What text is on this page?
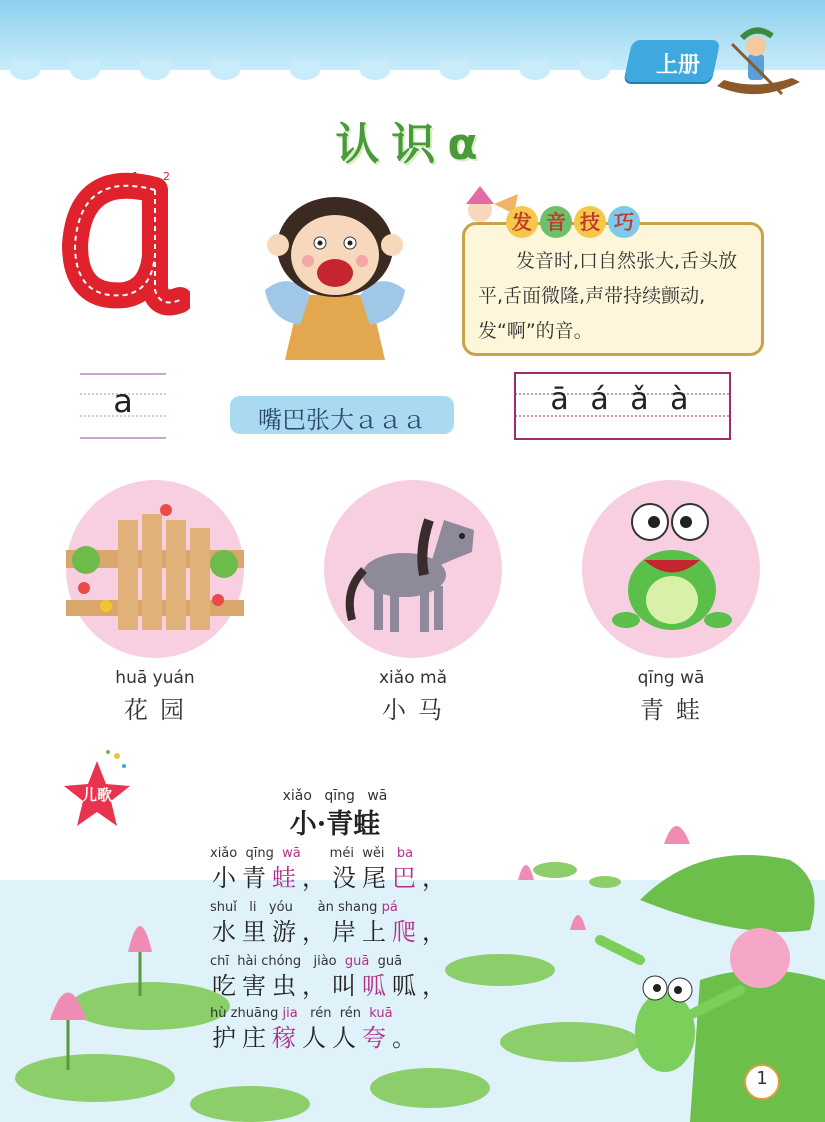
上册
认识α
1 2
发 音 技 巧
发音时,口自然张大,舌头放平,舌面微隆,声带持续颤动,发“啊”的音。
a	嘴巴张大ａａａ
ā á ǎ à
huā yuán
花园
xiǎo mǎ
小马
qīng wā
青蛙
儿歌	xiǎo qīng wā
小·青蛙
xiǎo qīng wā méi wěi ba
小青蛙，没尾巴，
shuǐ li yóu àn shang pá
水里游，岸上爬，
chī hài chóng jiào guā guā
吃害虫，叫呱呱，
hù zhuāng jia rén rén kuā
护庄稼人人夸。
1
